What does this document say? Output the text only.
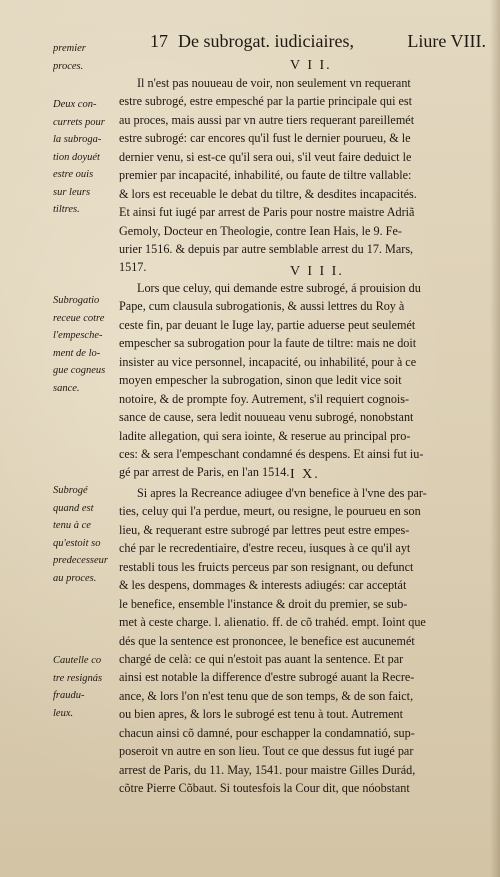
17 De subrogat. iudiciaires,	Liure VIII.
premier
proces.	V I I.
Deux con-
currets pour
la subroga-
tion doyuét
estre ouis
sur leurs
tiltres.
Il n'est pas nouueau de voir, non seulement vn requerant
estre subrogé, estre empesché par la partie principale qui est
au proces, mais aussi par vn autre tiers requerant pareillemét
estre subrogé: car encores qu'il fust le dernier pourueu, & le
dernier venu, si est-ce qu'il sera oui, s'il veut faire deduict le
premier par incapacité, inhabilité, ou faute de tiltre vallable:
& lors est receuable le debat du tiltre, & desdites incapacités.
Et ainsi fut iugé par arrest de Paris pour nostre maistre Adriã
Gemoly, Docteur en Theologie, contre Iean Hais, le 9. Fe-
urier 1516. & depuis par autre semblable arrest du 17. Mars,
1517.	V I I I.
Subrogatio
receue cotre
l'empesche-
ment de lo-
gue cogneus
sance.
Lors que celuy, qui demande estre subrogé, á prouision du
Pape, cum clausula subrogationis, & aussi lettres du Roy à
ceste fin, par deuant le Iuge lay, partie aduerse peut seulemét
empescher sa subrogation pour la faute de tiltre: mais ne doit
insister au vice personnel, incapacité, ou inhabilité, pour à ce
moyen empescher la subrogation, sinon que ledit vice soit
notoire, & de prompte foy. Autrement, s'il requiert cognois-
sance de cause, sera ledit nouueau venu subrogé, nonobstant
ladite allegation, qui sera iointe, & reserue au principal pro-
ces: & sera l'empeschant condamné és despens. Et ainsi fut iu-
gé par arrest de Paris, en l'an 1514. I X.
Subrogé
quand est
tenu à ce
qu'estoit so
predecesseur
au proces.
Cautelle co
tre resignás
fraudu-
leux.
Si apres la Recreance adiugee d'vn benefice à l'vne des par-
ties, celuy qui l'a perdue, meurt, ou resigne, le pourueu en son
lieu, & requerant estre subrogé par lettres peut estre empes-
ché par le recredentiaire, d'estre receu, iusques à ce qu'il ayt
restabli tous les fruicts perceus par son resignant, ou defunct
& les despens, dommages & interests adiugés: car acceptát
le benefice, ensemble l'instance & droit du premier, se sub-
met à ceste charge. l. alienatio. ff. de cõ trahéd. empt. Ioint que
dés que la sentence est prononcee, le benefice est aucunemét
chargé de celà: ce qui n'estoit pas auant la sentence. Et par
ainsi est notable la difference d'estre subrogé auant la Recre-
ance, & lors l'on n'est tenu que de son temps, & de son faict,
ou bien apres, & lors le subrogé est tenu à tout. Autrement
chacun ainsi cõ damné, pour eschapper la condamnatió, sup-
poseroit vn autre en son lieu. Tout ce que dessus fut iugé par
arrest de Paris, du 11. May, 1541. pour maistre Gilles Durád,
cõtre Pierre Cõbaut. Si toutesfois la Cour dit, que nóobstant
